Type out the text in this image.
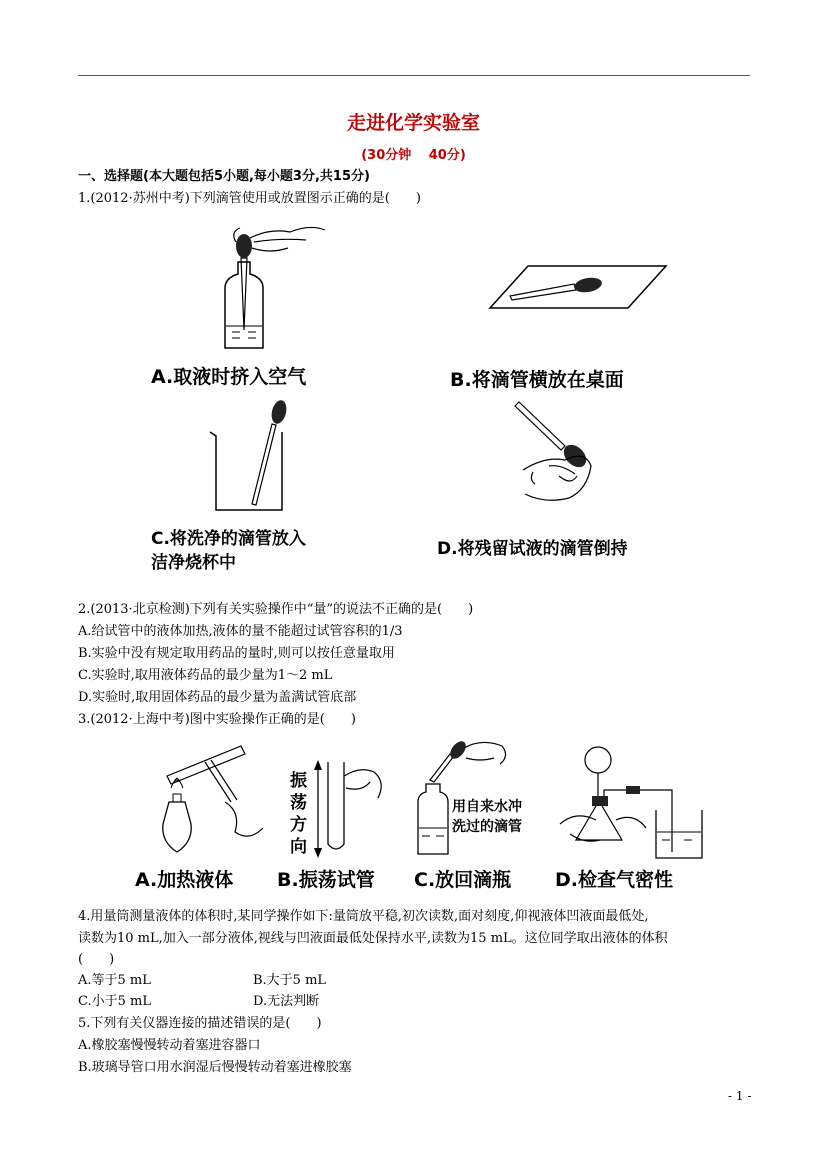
走进化学实验室
(30分钟　 40分)
一、选择题(本大题包括5小题,每小题3分,共15分)
1.(2012·苏州中考)下列滴管使用或放置图示正确的是(　　)
A.取液时挤入空气	B.将滴管横放在桌面
C.将洗净的滴管放入
洁净烧杯中
D.将残留试液的滴管倒持
2.(2013·北京检测)下列有关实验操作中“量”的说法不正确的是(　　)
A.给试管中的液体加热,液体的量不能超过试管容积的1/3
B.实验中没有规定取用药品的量时,则可以按任意量取用
C.实验时,取用液体药品的最少量为1～2 mL
D.实验时,取用固体药品的最少量为盖满试管底部
3.(2012·上海中考)图中实验操作正确的是(　　)
A.加热液体
振
荡
方
向
B.振荡试管
用自来水冲
洗过的滴管
C.放回滴瓶 D.检查气密性
4.用量筒测量液体的体积时,某同学操作如下:量筒放平稳,初次读数,面对刻度,仰视液体凹液面最低处,
读数为10 mL,加入一部分液体,视线与凹液面最低处保持水平,读数为15 mL。这位同学取出液体的体积
(　　)
A.等于5 mL	B.大于5 mL
C.小于5 mL	D.无法判断
5.下列有关仪器连接的描述错误的是(　　)
A.橡胶塞慢慢转动着塞进容器口
B.玻璃导管口用水润湿后慢慢转动着塞进橡胶塞
- 1 -
